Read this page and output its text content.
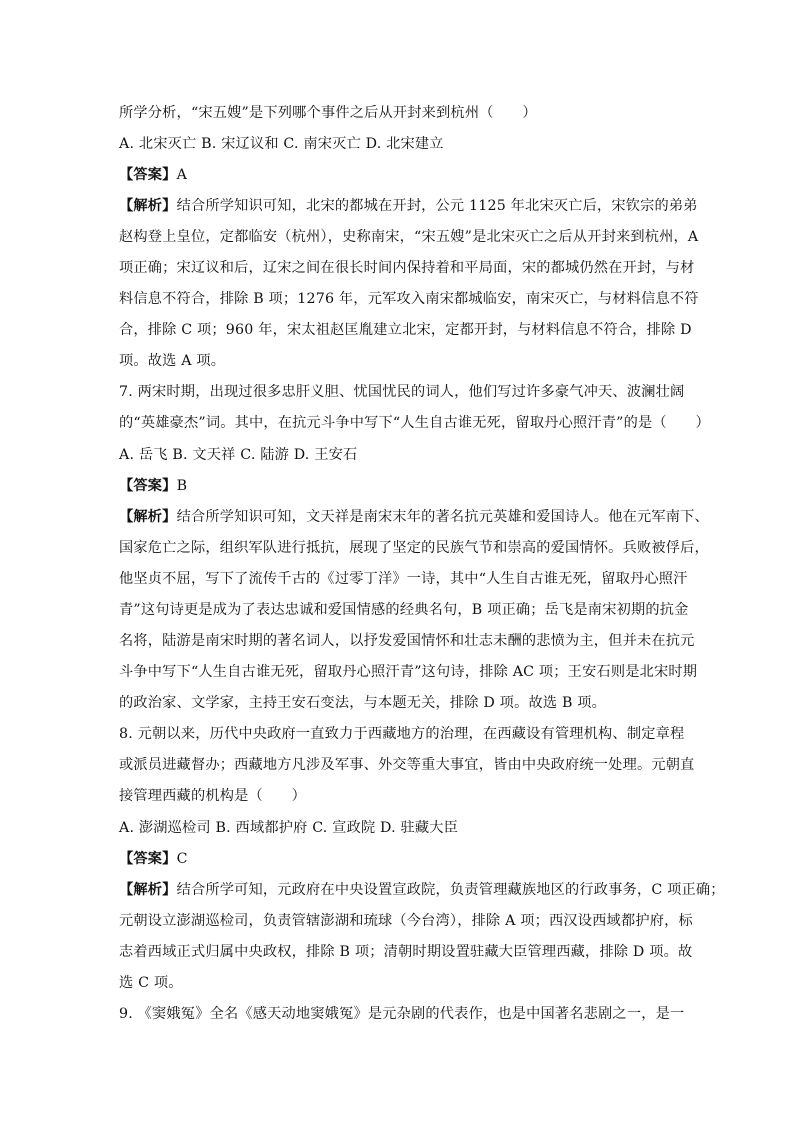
所学分析，“宋五嫂”是下列哪个事件之后从开封来到杭州（　　）
A. 北宋灭亡 B. 宋辽议和 C. 南宋灭亡 D. 北宋建立
【答案】A
【解析】结合所学知识可知，北宋的都城在开封，公元 1125 年北宋灭亡后，宋钦宗的弟弟
赵构登上皇位，定都临安（杭州），史称南宋，“宋五嫂”是北宋灭亡之后从开封来到杭州，A
项正确；宋辽议和后，辽宋之间在很长时间内保持着和平局面，宋的都城仍然在开封，与材
料信息不符合，排除 B 项；1276 年，元军攻入南宋都城临安，南宋灭亡，与材料信息不符
合，排除 C 项；960 年，宋太祖赵匡胤建立北宋，定都开封，与材料信息不符合，排除 D
项。故选 A 项。
7. 两宋时期，出现过很多忠肝义胆、忧国忧民的词人，他们写过许多豪气冲天、波澜壮阔
的“英雄豪杰”词。其中，在抗元斗争中写下“人生自古谁无死，留取丹心照汗青”的是（　　）
A. 岳飞 B. 文天祥 C. 陆游 D. 王安石
【答案】B
【解析】结合所学知识可知，文天祥是南宋末年的著名抗元英雄和爱国诗人。他在元军南下、
国家危亡之际，组织军队进行抵抗，展现了坚定的民族气节和崇高的爱国情怀。兵败被俘后，
他坚贞不屈，写下了流传千古的《过零丁洋》一诗，其中“人生自古谁无死，留取丹心照汗
青”这句诗更是成为了表达忠诚和爱国情感的经典名句，B 项正确；岳飞是南宋初期的抗金
名将，陆游是南宋时期的著名词人，以抒发爱国情怀和壮志未酬的悲愤为主，但并未在抗元
斗争中写下“人生自古谁无死，留取丹心照汗青”这句诗，排除 AC 项；王安石则是北宋时期
的政治家、文学家，主持王安石变法，与本题无关，排除 D 项。故选 B 项。
8. 元朝以来，历代中央政府一直致力于西藏地方的治理，在西藏设有管理机构、制定章程
或派员进藏督办；西藏地方凡涉及军事、外交等重大事宜，皆由中央政府统一处理。元朝直
接管理西藏的机构是（　　）
A. 澎湖巡检司 B. 西域都护府 C. 宣政院 D. 驻藏大臣
【答案】C
【解析】结合所学可知，元政府在中央设置宣政院，负责管理藏族地区的行政事务，C 项正确；
元朝设立澎湖巡检司，负责管辖澎湖和琉球（今台湾），排除 A 项；西汉设西域都护府，标
志着西域正式归属中央政权，排除 B 项；清朝时期设置驻藏大臣管理西藏，排除 D 项。故
选 C 项。
9. 《窦娥冤》全名《感天动地窦娥冤》是元杂剧的代表作，也是中国著名悲剧之一，是一
